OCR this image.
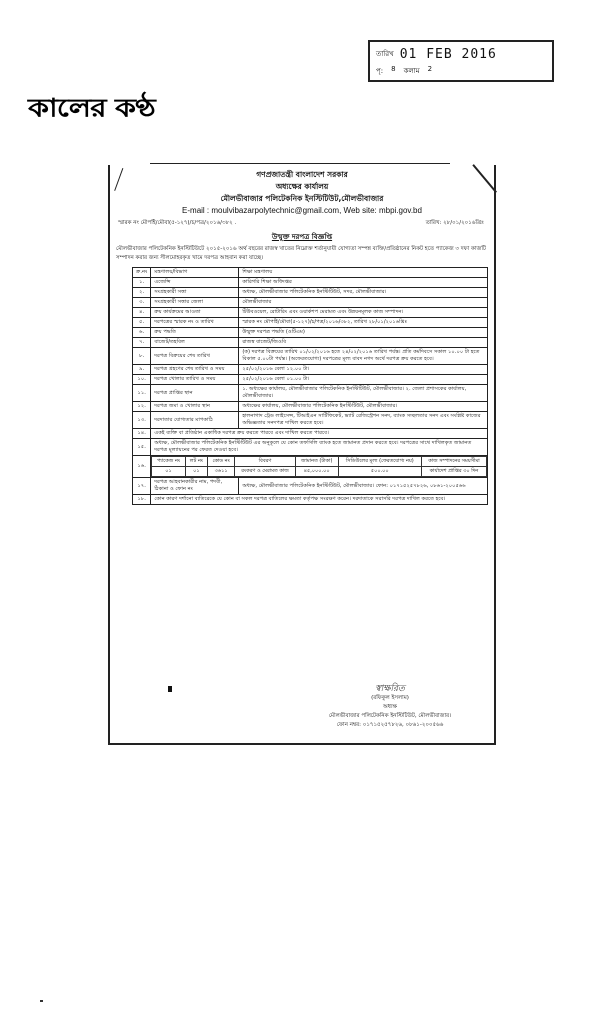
কালের কণ্ঠ
তারিখ 01 FEB 2016
পৃ: 8 কলাম 2
গণপ্রজাতন্ত্রী বাংলাদেশ সরকার
অধ্যক্ষের কার্যালয়
মৌলভীবাজার পলিটেকনিক ইনস্টিটিউট,মৌলভীবাজার
E-mail : moulvibazarpolytechnic@gmail.com, Web site: mbpi.gov.bd
স্মারক নং মৌপইি/মৌবা(৫-১২৭)/চ/পত্র/২০১৬/৩৮২ .	তারিখ: ২৮/০১/২০১৬খ্রিঃ
উন্মুক্ত দরপত্র বিজ্ঞপ্তি
মৌলভীবাজার পলিটেকনিক ইনস্টিটিউটে ২০১৫-২০১৬ অর্থ বছরের রাজস্ব খাতের নিম্নোক্ত শর্তানুযায়ী যোগ্যতা সম্পন্ন ব্যক্তি/প্রতিষ্ঠানের নিকট হতে প্যাকেজ ৩ দফা কাজটি সম্পাদন করার জন্য সীলমোহরকৃত খামে দরপত্র আহবান করা যাচ্ছে।
ক্র.নং	মন্ত্রণালয়/বিভাগ	শিক্ষা মন্ত্রণালয়
১.	এজেন্সি	কারিগরি শিক্ষা অধিদপ্তর
২.	সংগ্রহকারী সত্তা	অধ্যক্ষ, মৌলভীবাজার পলিটেকনিক ইনস্টিটিউট, সদর, মৌলভীবাজার।
৩.	সংগ্রহকারী সত্তার জেলা	মৌলভীবাজার
৪.	ক্রয় কার্যক্রমের আওতা	টিউবওয়েল, রোটারিং এবং ওয়ার্কশপ মেরামত এবং উন্নয়নমূলক কাজ সম্পাদন।
৫.	দরপত্রের স্মারক নং ও তারিখ	স্মারক নং মৌপইি/মৌবা(৫-১২৭)/চ/পত্র/২০১৬/৩৮২, তারিখ ২৮/০১/২০১৬খ্রিঃ
৬.	ক্রয় পদ্ধতি	উন্মুক্ত দরপত্র পদ্ধতি (ওটিএম)
৭.	বাজেট/তহবিল	রাজস্ব বাজেট/জিওবি
৮.	দরপত্র বিক্রয়ের শেষ তারিখ	(ক) দরপত্র বিক্রয়ের তারিখ ০১/০২/২০১৬ হতে ২৪/০২/২০১৬ তারিখ পর্যন্ত। প্রতি কর্মদিবসে সকাল ১০.০০ টা হতে বিকাল ৫.০০টা পর্যন্ত। (অফেরতযোগ্য) দরপত্রের মূল্য বাবদ নগদ অর্থে দরপত্র ক্রয় করতে হবে।
৯.	দরপত্র গ্রহণের শেষ তারিখ ও সময়	২৫/০২/২০১৬ বেলা ১২.০০ টা।
১০.	দরপত্র খোলার তারিখ ও সময়	২৫/০২/২০১৬ বেলা ০১.০০ টা।
১১.	দরপত্র প্রাপ্তির স্থান	১. অধ্যক্ষের কার্যালয়, মৌলভীবাজার পলিটেকনিক ইনস্টিটিউট, মৌলভীবাজার। ২. জেলা প্রশাসকের কার্যালয়, মৌলভীবাজার।
১২.	দরপত্র জমা ও খোলার স্থান	অধ্যক্ষের কার্যালয়, মৌলভীবাজার পলিটেকনিক ইনস্টিটিউট, মৌলভীবাজার।
১৩.	দরদাতার যোগ্যতার মাপকাঠি	হালনাগাদ ট্রেড লাইসেন্স, টিআইএন সার্টিফিকেট, ভ্যাট রেজিস্ট্রেশন সনদ, ব্যাংক সচ্ছলতার সনদ এবং সংশ্লিষ্ট কাজের অভিজ্ঞতার সনদপত্র দাখিল করতে হবে।
১৪.	একই ব্যক্তি বা প্রতিষ্ঠান একাধিক দরপত্র ক্রয় করতে পারবে এবং দাখিল করতে পারবে।
১৫.	অধ্যক্ষ, মৌলভীবাজার পলিটেকনিক ইনস্টিটিউট এর অনুকূলে যে কোন তফসিলি ব্যাংক হতে জামানত প্রদান করতে হবে। দরপত্রের সাথে দাখিলকৃত জামানত দরপত্র মূল্যায়নের পর ফেরত দেওয়া হবে।
১৬.	
প্যাকেজ নং	লট নং	কোড নং	বিবরণ	জামানত (টাকা)	সিডিউলের মূল্য (ফেরতযোগ্য নয়)	কাজ সম্পাদনের সময়সীমা
০১	০১	৩৬১১	রংকরণ ও মেরামত কাজ	৪৫,০০০.০০	৫০০.০০	কার্যাদেশ প্রাপ্তির ৩০ দিন

১৭.	দরপত্র আহবানকারীর নাম, পদবী, ঠিকানা ও ফোন নং	অধ্যক্ষ, মৌলভীবাজার পলিটেকনিক ইনস্টিটিউট, মৌলভীবাজার। ফোন: ০১৭১৫২৫৭৮২৬, ০৮৬১-২০০৫৬৬
১৮.	কোন কারণ দর্শানো ব্যতিরেকে যে কোন বা সকল দরপত্র বাতিলের ক্ষমতা কর্তৃপক্ষ সংরক্ষণ করেন। দরদাতাকে সরাসরি দরপত্র দাখিল করতে হবে।
স্বাক্ষরিত
(রফিকুল ইসলাম)
অধ্যক্ষ
মৌলভীবাজার পলিটেকনিক ইনস্টিটিউট, মৌলভীবাজার।
ফোন নম্বর: ০১৭১৫২৫৭৮২৬, ০৮৬১-২০০৫৬৬
